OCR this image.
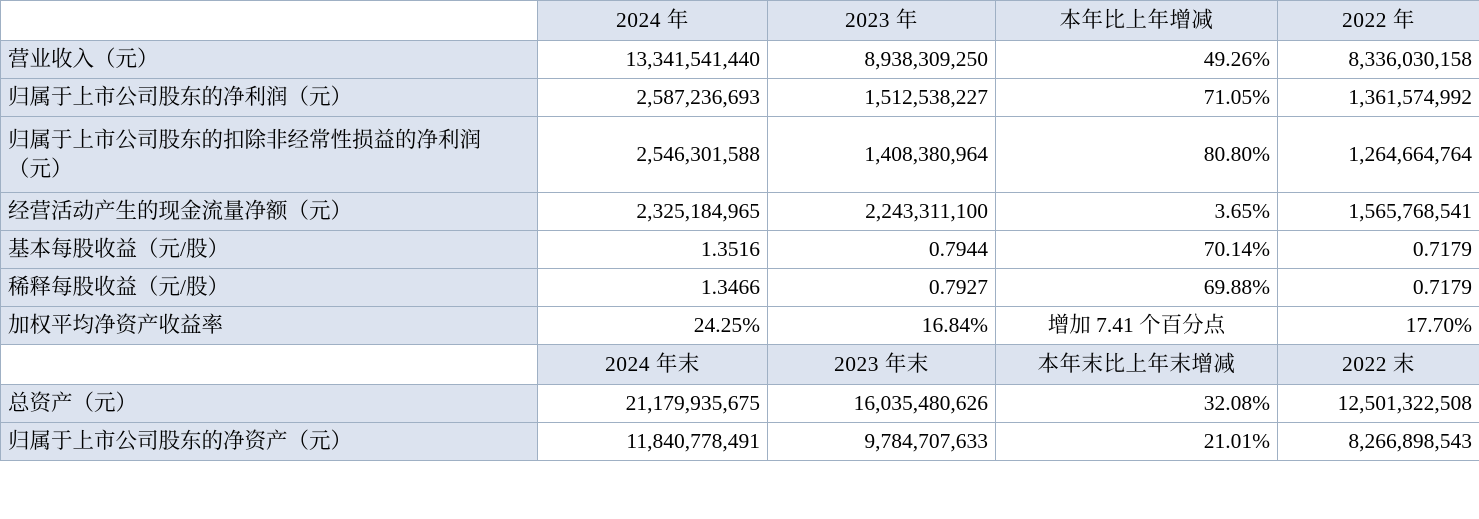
	2024 年	2023 年	本年比上年增减	2022 年
营业收入（元）	13,341,541,440	8,938,309,250	49.26%	8,336,030,158
归属于上市公司股东的净利润（元）	2,587,236,693	1,512,538,227	71.05%	1,361,574,992
归属于上市公司股东的扣除非经常性损益的净利润（元）	2,546,301,588	1,408,380,964	80.80%	1,264,664,764
经营活动产生的现金流量净额（元）	2,325,184,965	2,243,311,100	3.65%	1,565,768,541
基本每股收益（元/股）	1.3516	0.7944	70.14%	0.7179
稀释每股收益（元/股）	1.3466	0.7927	69.88%	0.7179
加权平均净资产收益率	24.25%	16.84%	增加 7.41 个百分点	17.70%
	2024 年末	2023 年末	本年末比上年末增减	2022 末
总资产（元）	21,179,935,675	16,035,480,626	32.08%	12,501,322,508
归属于上市公司股东的净资产（元）	11,840,778,491	9,784,707,633	21.01%	8,266,898,543
